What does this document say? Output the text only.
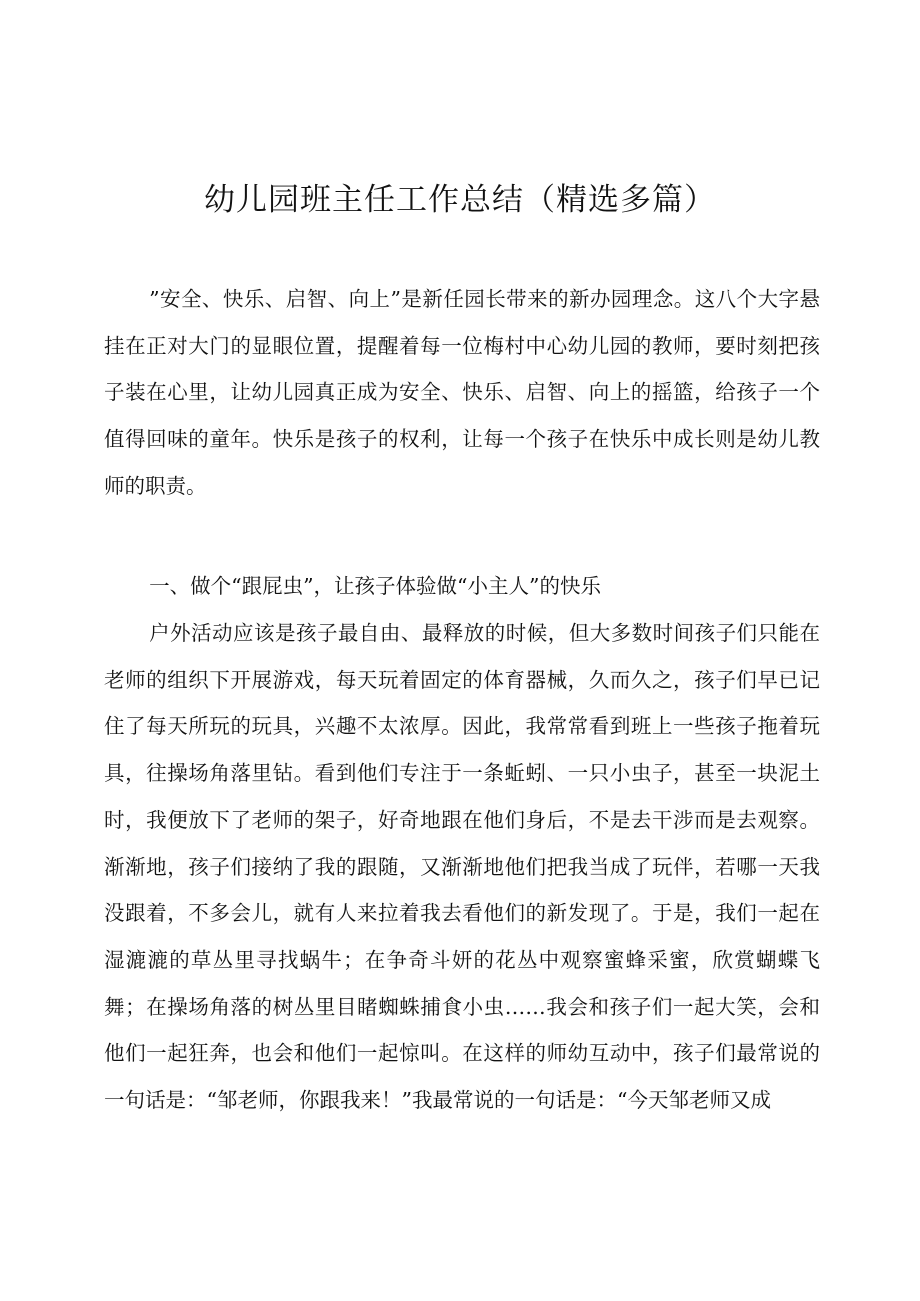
幼儿园班主任工作总结（精选多篇）

”安全、快乐、启智、向上”是新任园长带来的新办园理念。这八个大字悬挂在正对大门的显眼位置，提醒着每一位梅村中心幼儿园的教师，要时刻把孩子装在心里，让幼儿园真正成为安全、快乐、启智、向上的摇篮，给孩子一个值得回味的童年。快乐是孩子的权利，让每一个孩子在快乐中成长则是幼儿教师的职责。

一、做个“跟屁虫”，让孩子体验做“小主人”的快乐

户外活动应该是孩子最自由、最释放的时候，但大多数时间孩子们只能在老师的组织下开展游戏，每天玩着固定的体育器械，久而久之，孩子们早已记住了每天所玩的玩具，兴趣不太浓厚。因此，我常常看到班上一些孩子拖着玩具，往操场角落里钻。看到他们专注于一条蚯蚓、一只小虫子，甚至一块泥土时，我便放下了老师的架子，好奇地跟在他们身后，不是去干涉而是去观察。渐渐地，孩子们接纳了我的跟随，又渐渐地他们把我当成了玩伴，若哪一天我没跟着，不多会儿，就有人来拉着我去看他们的新发现了。于是，我们一起在湿漉漉的草丛里寻找蜗牛；在争奇斗妍的花丛中观察蜜蜂采蜜，欣赏蝴蝶飞舞；在操场角落的树丛里目睹蜘蛛捕食小虫……我会和孩子们一起大笑，会和他们一起狂奔，也会和他们一起惊叫。在这样的师幼互动中，孩子们最常说的一句话是：“邹老师，你跟我来！”我最常说的一句话是：“今天邹老师又成
